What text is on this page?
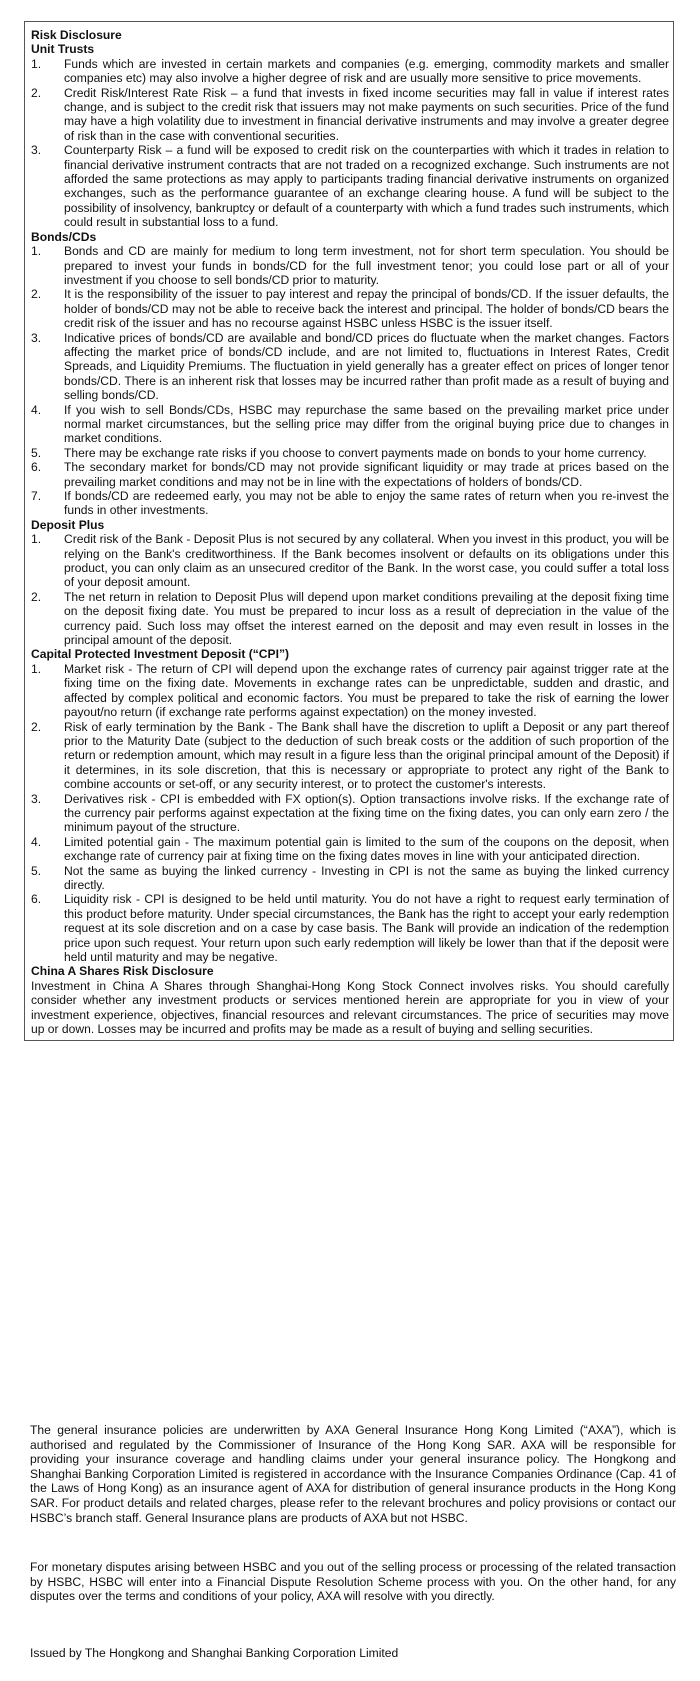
Risk Disclosure
Unit Trusts
1.	Funds which are invested in certain markets and companies (e.g. emerging, commodity markets and smaller companies etc) may also involve a higher degree of risk and are usually more sensitive to price movements.
2.	Credit Risk/Interest Rate Risk – a fund that invests in fixed income securities may fall in value if interest rates change, and is subject to the credit risk that issuers may not make payments on such securities. Price of the fund may have a high volatility due to investment in financial derivative instruments and may involve a greater degree of risk than in the case with conventional securities.
3.	Counterparty Risk – a fund will be exposed to credit risk on the counterparties with which it trades in relation to financial derivative instrument contracts that are not traded on a recognized exchange. Such instruments are not afforded the same protections as may apply to participants trading financial derivative instruments on organized exchanges, such as the performance guarantee of an exchange clearing house. A fund will be subject to the possibility of insolvency, bankruptcy or default of a counterparty with which a fund trades such instruments, which could result in substantial loss to a fund.
Bonds/CDs
1.	Bonds and CD are mainly for medium to long term investment, not for short term speculation. You should be prepared to invest your funds in bonds/CD for the full investment tenor; you could lose part or all of your investment if you choose to sell bonds/CD prior to maturity.
2.	It is the responsibility of the issuer to pay interest and repay the principal of bonds/CD. If the issuer defaults, the holder of bonds/CD may not be able to receive back the interest and principal. The holder of bonds/CD bears the credit risk of the issuer and has no recourse against HSBC unless HSBC is the issuer itself.
3.	Indicative prices of bonds/CD are available and bond/CD prices do fluctuate when the market changes. Factors affecting the market price of bonds/CD include, and are not limited to, fluctuations in Interest Rates, Credit Spreads, and Liquidity Premiums. The fluctuation in yield generally has a greater effect on prices of longer tenor bonds/CD. There is an inherent risk that losses may be incurred rather than profit made as a result of buying and selling bonds/CD.
4.	If you wish to sell Bonds/CDs, HSBC may repurchase the same based on the prevailing market price under normal market circumstances, but the selling price may differ from the original buying price due to changes in market conditions.
5.	There may be exchange rate risks if you choose to convert payments made on bonds to your home currency.
6.	The secondary market for bonds/CD may not provide significant liquidity or may trade at prices based on the prevailing market conditions and may not be in line with the expectations of holders of bonds/CD.
7.	If bonds/CD are redeemed early, you may not be able to enjoy the same rates of return when you re-invest the funds in other investments.
Deposit Plus
1.	Credit risk of the Bank - Deposit Plus is not secured by any collateral. When you invest in this product, you will be relying on the Bank's creditworthiness. If the Bank becomes insolvent or defaults on its obligations under this product, you can only claim as an unsecured creditor of the Bank. In the worst case, you could suffer a total loss of your deposit amount.
2.	The net return in relation to Deposit Plus will depend upon market conditions prevailing at the deposit fixing time on the deposit fixing date. You must be prepared to incur loss as a result of depreciation in the value of the currency paid. Such loss may offset the interest earned on the deposit and may even result in losses in the principal amount of the deposit.
Capital Protected Investment Deposit (“CPI”)
1.	Market risk - The return of CPI will depend upon the exchange rates of currency pair against trigger rate at the fixing time on the fixing date. Movements in exchange rates can be unpredictable, sudden and drastic, and affected by complex political and economic factors. You must be prepared to take the risk of earning the lower payout/no return (if exchange rate performs against expectation) on the money invested.
2.	Risk of early termination by the Bank - The Bank shall have the discretion to uplift a Deposit or any part thereof prior to the Maturity Date (subject to the deduction of such break costs or the addition of such proportion of the return or redemption amount, which may result in a figure less than the original principal amount of the Deposit) if it determines, in its sole discretion, that this is necessary or appropriate to protect any right of the Bank to combine accounts or set-off, or any security interest, or to protect the customer's interests.
3.	Derivatives risk - CPI is embedded with FX option(s). Option transactions involve risks. If the exchange rate of the currency pair performs against expectation at the fixing time on the fixing dates, you can only earn zero / the minimum payout of the structure.
4.	Limited potential gain - The maximum potential gain is limited to the sum of the coupons on the deposit, when exchange rate of currency pair at fixing time on the fixing dates moves in line with your anticipated direction.
5.	Not the same as buying the linked currency - Investing in CPI is not the same as buying the linked currency directly.
6.	Liquidity risk - CPI is designed to be held until maturity. You do not have a right to request early termination of this product before maturity. Under special circumstances, the Bank has the right to accept your early redemption request at its sole discretion and on a case by case basis. The Bank will provide an indication of the redemption price upon such request. Your return upon such early redemption will likely be lower than that if the deposit were held until maturity and may be negative.
China A Shares Risk Disclosure

Investment in China A Shares through Shanghai-Hong Kong Stock Connect involves risks. You should carefully consider whether any investment products or services mentioned herein are appropriate for you in view of your investment experience, objectives, financial resources and relevant circumstances. The price of securities may move up or down. Losses may be incurred and profits may be made as a result of buying and selling securities.

The general insurance policies are underwritten by AXA General Insurance Hong Kong Limited (“AXA”), which is authorised and regulated by the Commissioner of Insurance of the Hong Kong SAR. AXA will be responsible for providing your insurance coverage and handling claims under your general insurance policy. The Hongkong and Shanghai Banking Corporation Limited is registered in accordance with the Insurance Companies Ordinance (Cap. 41 of the Laws of Hong Kong) as an insurance agent of AXA for distribution of general insurance products in the Hong Kong SAR. For product details and related charges, please refer to the relevant brochures and policy provisions or contact our HSBC’s branch staff. General Insurance plans are products of AXA but not HSBC.

For monetary disputes arising between HSBC and you out of the selling process or processing of the related transaction by HSBC, HSBC will enter into a Financial Dispute Resolution Scheme process with you. On the other hand, for any disputes over the terms and conditions of your policy, AXA will resolve with you directly.

Issued by The Hongkong and Shanghai Banking Corporation Limited
